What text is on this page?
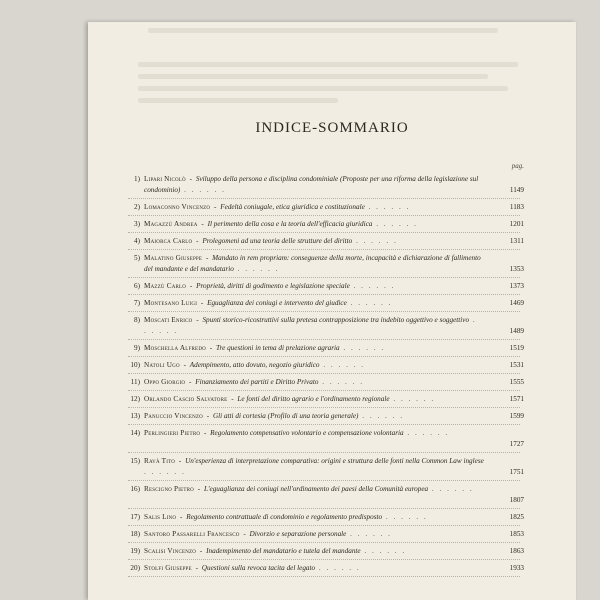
INDICE-SOMMARIO
pag.
1) Lipari Nicolò - Sviluppo della persona e disciplina condominiale (Proposte per una riforma della legislazione sul condominio) . . . . . .	1149
2) Lomaconno Vincenzo - Fedeltà coniugale, etica giuridica e costituzionale . . . . . .	1183
3) Magazzù Andrea - Il perimento della cosa e la teoria dell'efficacia giuridica . . . . . .	1201
4) Maiorca Carlo - Prolegomeni ad una teoria delle strutture del diritto . . . . . .	1311
5) Malatino Giuseppe - Mandato in rem propriam: conseguenze della morte, incapacità e dichiarazione di fallimento del mandante e del mandatario . . . . . .	1353
6) Mazzù Carlo - Proprietà, diritti di godimento e legislazione speciale . . . . . .	1373
7) Montesano Luigi - Eguaglianza dei coniugi e intervento del giudice . . . . . .	1469
8) Moscati Enrico - Spunti storico-ricostruttivi sulla pretesa contrapposizione tra indebito oggettivo e soggettivo . . . . . .	1489
9) Moschella Alfredo - Tre questioni in tema di prelazione agraria . . . . . .	1519
10) Natoli Ugo - Adempimento, atto dovuto, negozio giuridico . . . . . .	1531
11) Oppo Giorgio - Finanziamento dei partiti e Diritto Privato . . . . . .	1555
12) Orlando Cascio Salvatore - Le fonti del diritto agrario e l'ordinamento regionale . . . . . .	1571
13) Panuccio Vincenzo - Gli atti di cortesia (Profilo di una teoria generale) . . . . . .	1599
14) Perlingieri Pietro - Regolamento compensativo volontario e compensazione volontaria . . . . . .
1727
15) Ravà Tito - Un'esperienza di interpretazione comparativa: origini e struttura delle fonti nella Common Law inglese . . . . . .	1751
16) Rescigno Pietro - L'eguaglianza dei coniugi nell'ordinamento dei paesi della Comunità europea . . . . . .
1807
17) Salis Lino - Regolamento contrattuale di condominio e regolamento predisposto . . . . . .	1825
18) Santoro Passarelli Francesco - Divorzio e separazione personale . . . . . .	1853
19) Scalisi Vincenzo - Inadempimento del mandatario e tutela del mandante . . . . . .	1863
20) Stolfi Giuseppe - Questioni sulla revoca tacita del legato . . . . . .	1933
